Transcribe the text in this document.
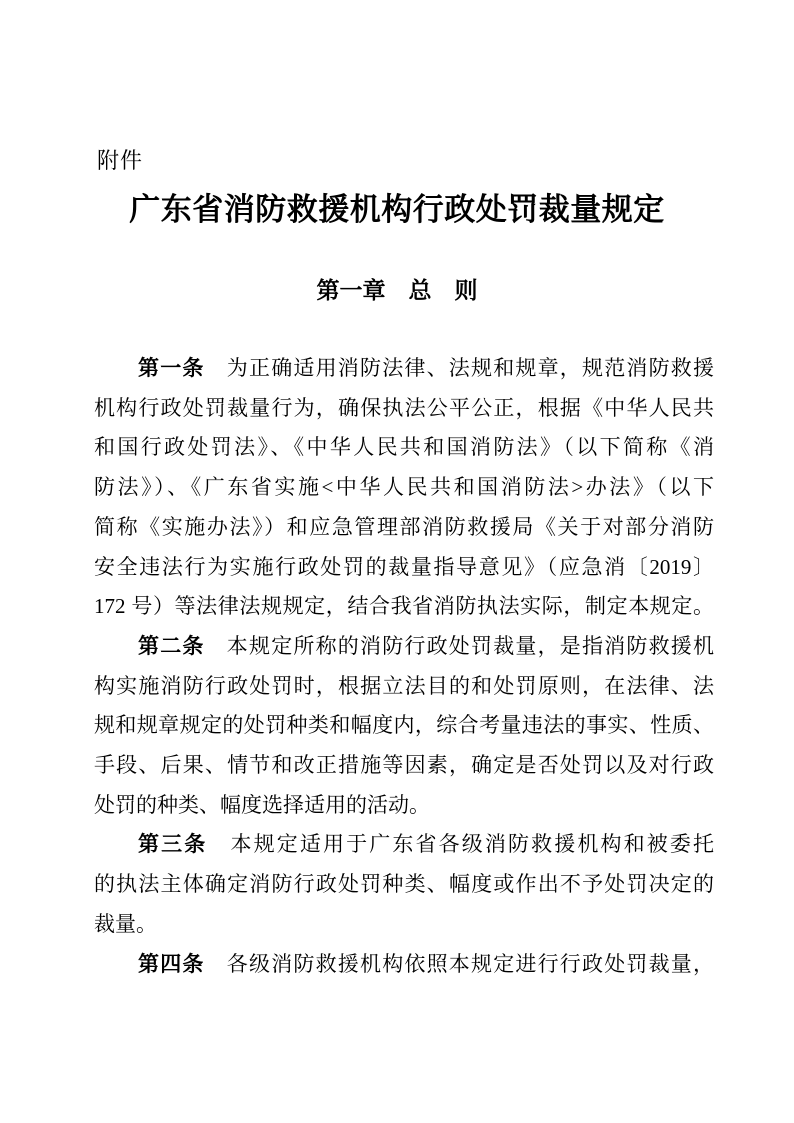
附件
广东省消防救援机构行政处罚裁量规定
第一章　总　则
第一条　为正确适用消防法律、法规和规章，规范消防救援
机构行政处罚裁量行为，确保执法公平公正，根据《中华人民共
和国行政处罚法》、《中华人民共和国消防法》（以下简称《消
防法》）、《广东省实施<中华人民共和国消防法>办法》（以下
简称《实施办法》）和应急管理部消防救援局《关于对部分消防
安全违法行为实施行政处罚的裁量指导意见》（应急消〔2019〕
172 号）等法律法规规定，结合我省消防执法实际，制定本规定。
第二条　本规定所称的消防行政处罚裁量，是指消防救援机
构实施消防行政处罚时，根据立法目的和处罚原则，在法律、法
规和规章规定的处罚种类和幅度内，综合考量违法的事实、性质、
手段、后果、情节和改正措施等因素，确定是否处罚以及对行政
处罚的种类、幅度选择适用的活动。
第三条　本规定适用于广东省各级消防救援机构和被委托
的执法主体确定消防行政处罚种类、幅度或作出不予处罚决定的
裁量。
第四条　各级消防救援机构依照本规定进行行政处罚裁量，
